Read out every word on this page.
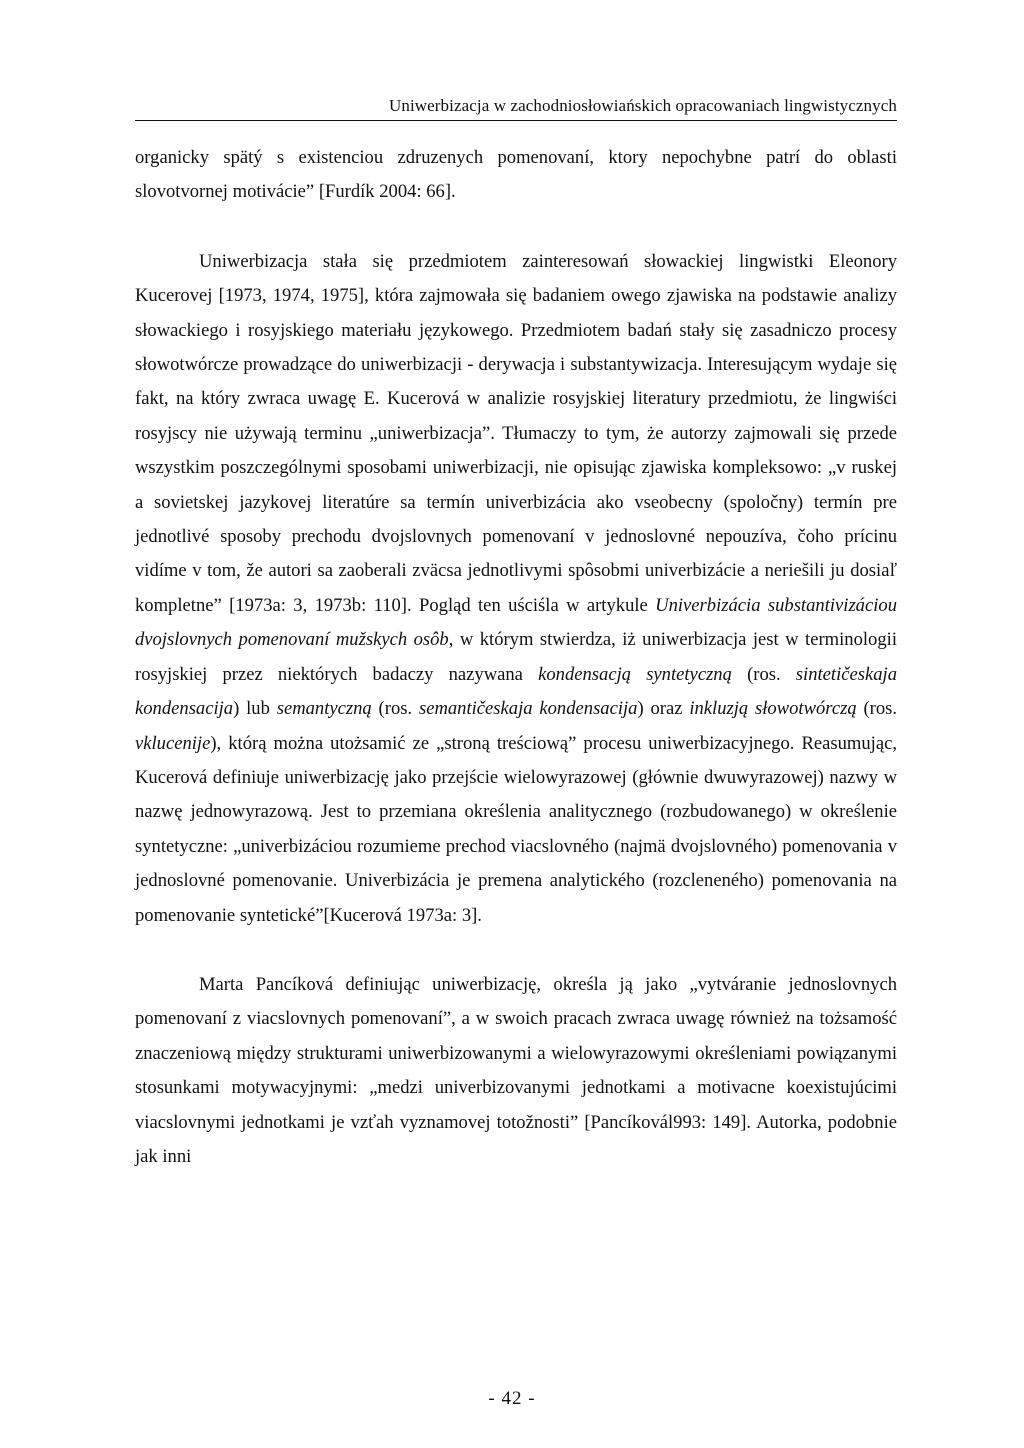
Uniwerbizacja w zachodniosłowiańskich opracowaniach lingwistycznych

organicky spätý s existenciou zdruzenych pomenovaní, ktory nepochybne patrí do oblasti slovotvornej motivácie” [Furdík 2004: 66].

Uniwerbizacja stała się przedmiotem zainteresowań słowackiej lingwistki Eleonory Kucerovej [1973, 1974, 1975], która zajmowała się badaniem owego zjawiska na podstawie analizy słowackiego i rosyjskiego materiału językowego. Przedmiotem badań stały się zasadniczo procesy słowotwórcze prowadzące do uniwerbizacji - derywacja i substantywizacja. Interesującym wydaje się fakt, na który zwraca uwagę E. Kucerová w analizie rosyjskiej literatury przedmiotu, że lingwiści rosyjscy nie używają terminu „uniwerbizacja”. Tłumaczy to tym, że autorzy zajmowali się przede wszystkim poszczególnymi sposobami uniwerbizacji, nie opisując zjawiska kompleksowo: „v ruskej a sovietskej jazykovej literatúre sa termín univerbizácia ako vseobecny (spoločny) termín pre jednotlivé sposoby prechodu dvojslovnych pomenovaní v jednoslovné nepouzíva, čoho prícinu vidíme v tom, že autori sa zaoberali zväcsa jednotlivymi spôsobmi univerbizácie a neriešili ju dosiaľ kompletne” [1973a: 3, 1973b: 110]. Pogląd ten uściśla w artykule Univerbizácia substantivizáciou dvojslovnych pomenovaní mužskych osôb, w którym stwierdza, iż uniwerbizacja jest w terminologii rosyjskiej przez niektórych badaczy nazywana kondensacją syntetyczną (ros. sintetičeskaja kondensacija) lub semantyczną (ros. semantičeskaja kondensacija) oraz inkluzją słowotwórczą (ros. vklucenije), którą można utożsamić ze „stroną treściową” procesu uniwerbizacyjnego. Reasumując, Kucerová definiuje uniwerbizację jako przejście wielowyrazowej (głównie dwuwyrazowej) nazwy w nazwę jednowyrazową. Jest to przemiana określenia analitycznego (rozbudowanego) w określenie syntetyczne: „univerbizáciou rozumieme prechod viacslovného (najmä dvojslovného) pomenovania v jednoslovné pomenovanie. Univerbizácia je premena analytického (rozcleneného) pomenovania na pomenovanie syntetické”[Kucerová 1973a: 3].

Marta Pancíková definiując uniwerbizację, określa ją jako „vytváranie jednoslovnych pomenovaní z viacslovnych pomenovaní”, a w swoich pracach zwraca uwagę również na tożsamość znaczeniową między strukturami uniwerbizowanymi a wielowyrazowymi określeniami powiązanymi stosunkami motywacyjnymi: „medzi univerbizovanymi jednotkami a motivacne koexistujúcimi viacslovnymi jednotkami je vzťah vyznamovej totožnosti” [Pancíkovál993: 149]. Autorka, podobnie jak inni

- 42 -
